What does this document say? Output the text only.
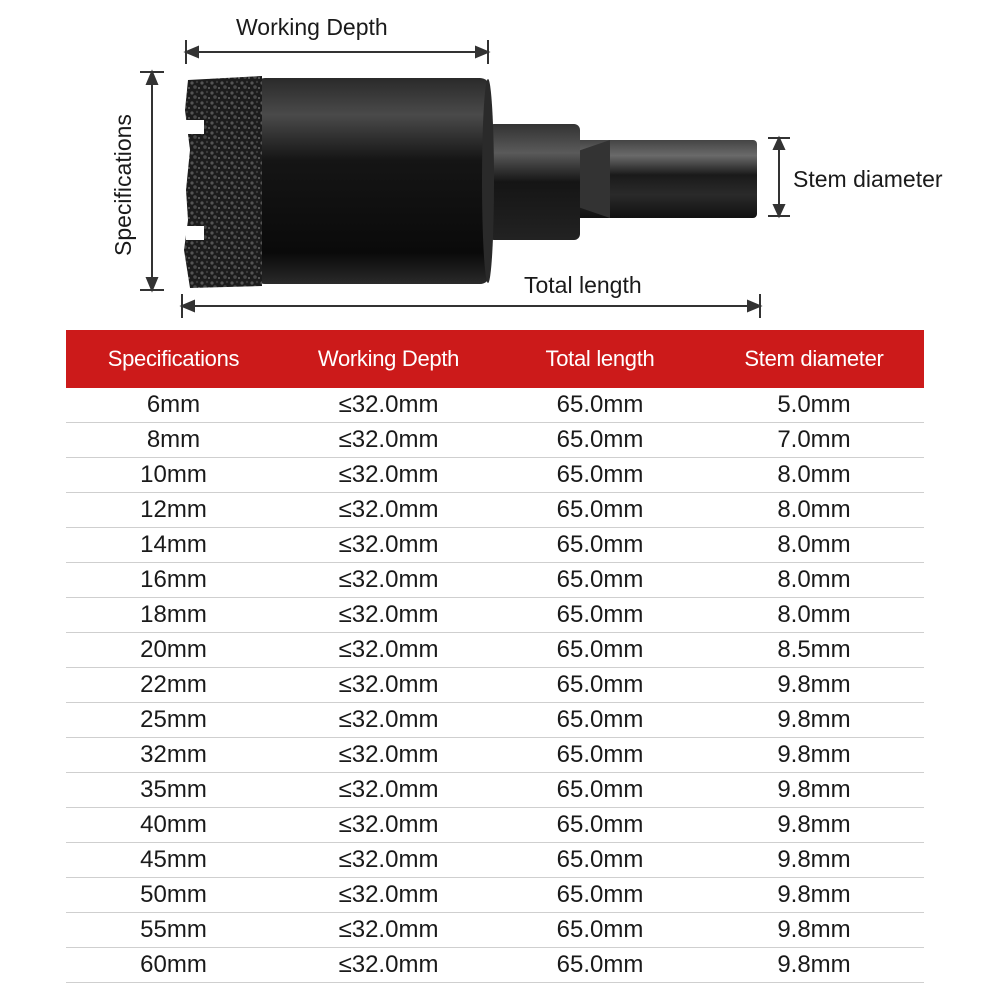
Working Depth
Total length
Stem diameter
Specifications
Specifications	Working Depth	Total length	Stem diameter
6mm	≤32.0mm	65.0mm	5.0mm
8mm	≤32.0mm	65.0mm	7.0mm
10mm	≤32.0mm	65.0mm	8.0mm
12mm	≤32.0mm	65.0mm	8.0mm
14mm	≤32.0mm	65.0mm	8.0mm
16mm	≤32.0mm	65.0mm	8.0mm
18mm	≤32.0mm	65.0mm	8.0mm
20mm	≤32.0mm	65.0mm	8.5mm
22mm	≤32.0mm	65.0mm	9.8mm
25mm	≤32.0mm	65.0mm	9.8mm
32mm	≤32.0mm	65.0mm	9.8mm
35mm	≤32.0mm	65.0mm	9.8mm
40mm	≤32.0mm	65.0mm	9.8mm
45mm	≤32.0mm	65.0mm	9.8mm
50mm	≤32.0mm	65.0mm	9.8mm
55mm	≤32.0mm	65.0mm	9.8mm
60mm	≤32.0mm	65.0mm	9.8mm
